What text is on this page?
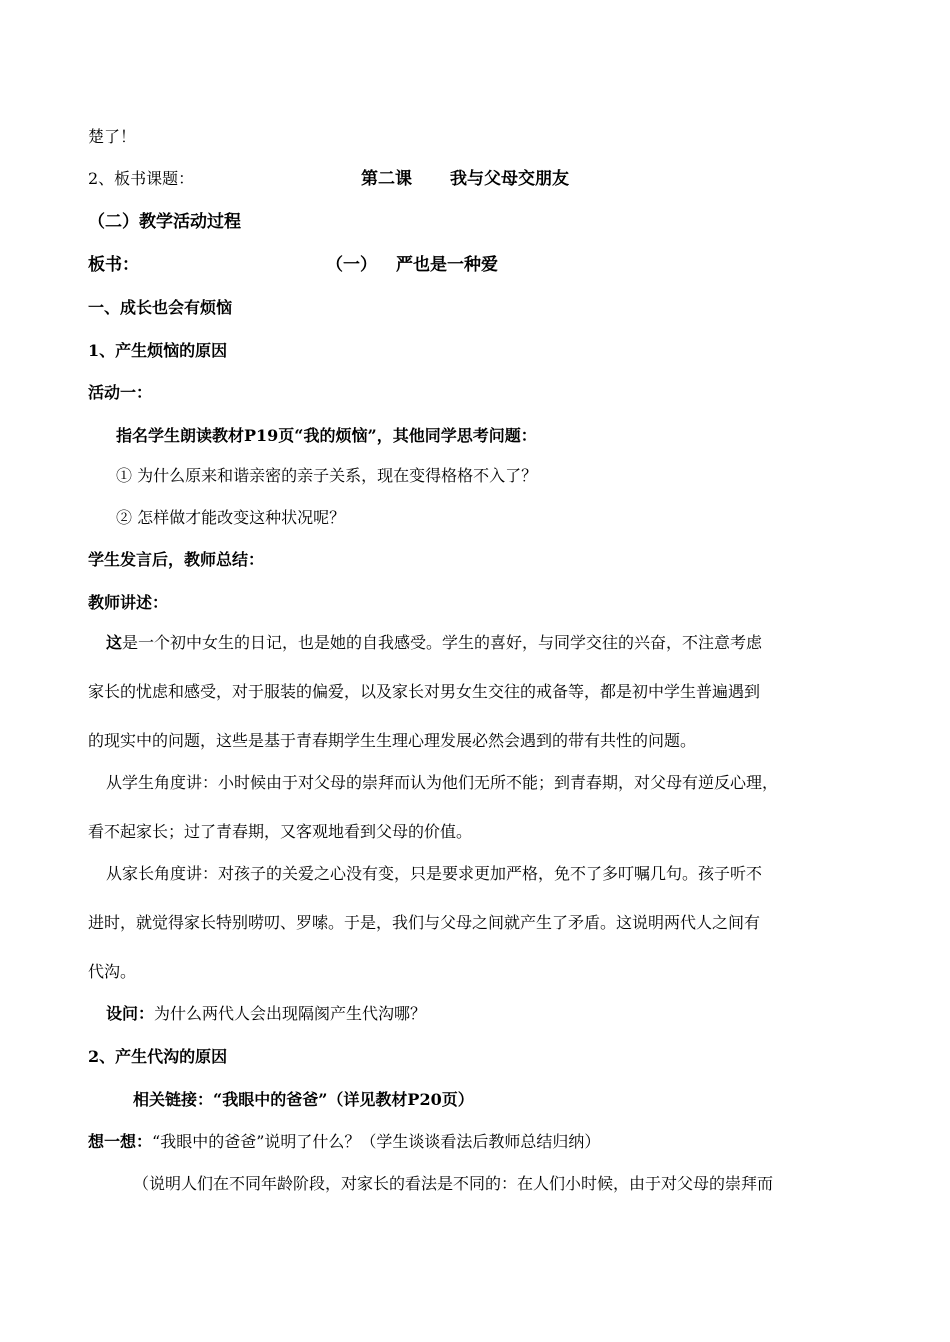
楚了！
2、板书课题：	第二课 我与父母交朋友
（二）教学活动过程
板书：	（一） 严也是一种爱
一、成长也会有烦恼
1、产生烦恼的原因
活动一：
指名学生朗读教材P19页“我的烦恼”，其他同学思考问题：
① 为什么原来和谐亲密的亲子关系，现在变得格格不入了？
② 怎样做才能改变这种状况呢？
学生发言后，教师总结：
教师讲述：
这是一个初中女生的日记，也是她的自我感受。学生的喜好，与同学交往的兴奋，不注意考虑
家长的忧虑和感受，对于服装的偏爱，以及家长对男女生交往的戒备等，都是初中学生普遍遇到
的现实中的问题，这些是基于青春期学生生理心理发展必然会遇到的带有共性的问题。
从学生角度讲：小时候由于对父母的崇拜而认为他们无所不能；到青春期，对父母有逆反心理，
看不起家长；过了青春期，又客观地看到父母的价值。
从家长角度讲：对孩子的关爱之心没有变，只是要求更加严格，免不了多叮嘱几句。孩子听不
进时，就觉得家长特别唠叨、罗嗦。于是，我们与父母之间就产生了矛盾。这说明两代人之间有
代沟。
设问：为什么两代人会出现隔阂产生代沟哪？
2、产生代沟的原因
相关链接：“我眼中的爸爸”（详见教材P20页）
想一想：“我眼中的爸爸”说明了什么？（学生谈谈看法后教师总结归纳）
（说明人们在不同年龄阶段，对家长的看法是不同的：在人们小时候，由于对父母的崇拜而
